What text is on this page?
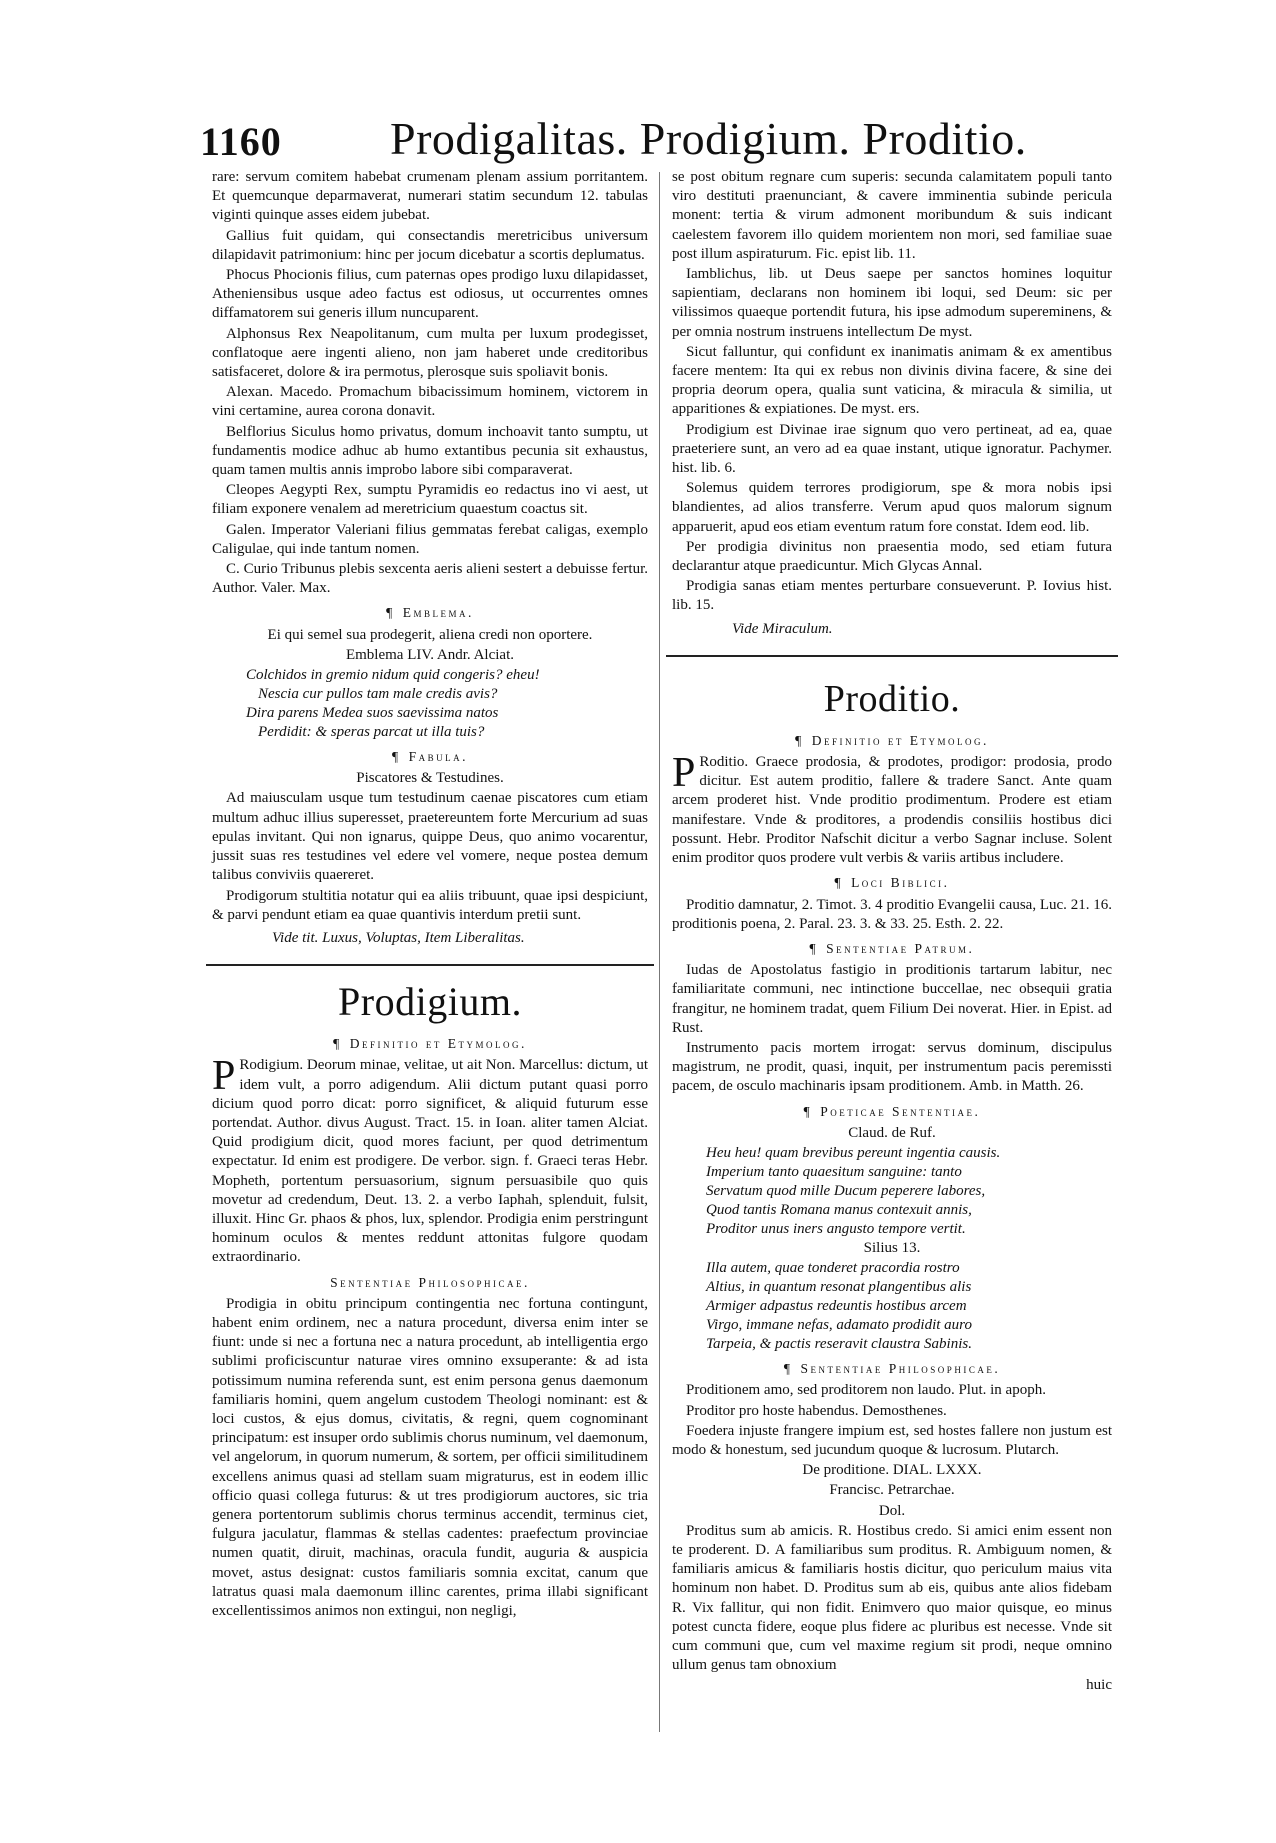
1160 Prodigalitas. Prodigium. Proditio.

rare: servum comitem habebat crumenam plenam assium porritantem. Et quemcunque deparmaverat, numerari statim secundum 12. tabulas viginti quinque asses eidem jubebat.

Gallius fuit quidam, qui consectandis meretricibus universum dilapidavit patrimonium: hinc per jocum dicebatur a scortis deplumatus.

Phocus Phocionis filius, cum paternas opes prodigo luxu dilapidasset, Atheniensibus usque adeo factus est odiosus, ut occurrentes omnes diffamatorem sui generis illum nuncuparent.

Alphonsus Rex Neapolitanum, cum multa per luxum prodegisset, conflatoque aere ingenti alieno, non jam haberet unde creditoribus satisfaceret, dolore & ira permotus, plerosque suis spoliavit bonis.

Alexan. Macedo. Promachum bibacissimum hominem, victorem in vini certamine, aurea corona donavit.

Belflorius Siculus homo privatus, domum inchoavit tanto sumptu, ut fundamentis modice adhuc ab humo extantibus pecunia sit exhaustus, quam tamen multis annis improbo labore sibi comparaverat.

Cleopes Aegypti Rex, sumptu Pyramidis eo redactus ino vi aest, ut filiam exponere venalem ad meretricium quaestum coactus sit.

Galen. Imperator Valeriani filius gemmatas ferebat caligas, exemplo Caligulae, qui inde tantum nomen.

C. Curio Tribunus plebis sexcenta aeris alieni sestert a debuisse fertur. Author. Valer. Max.

¶ Emblema.

Ei qui semel sua prodegerit, aliena credi non oportere.

Emblema LIV. Andr. Alciat.

Colchidos in gremio nidum quid congeris? eheu!

Nescia cur pullos tam male credis avis?

Dira parens Medea suos saevissima natos

Perdidit: & speras parcat ut illa tuis?

¶ Fabula.

Piscatores & Testudines.

Ad maiusculam usque tum testudinum caenae piscatores cum etiam multum adhuc illius superesset, praetereuntem forte Mercurium ad suas epulas invitant. Qui non ignarus, quippe Deus, quo animo vocarentur, jussit suas res testudines vel edere vel vomere, neque postea demum talibus conviviis quaereret.

Prodigorum stultitia notatur qui ea aliis tribuunt, quae ipsi despiciunt, & parvi pendunt etiam ea quae quantivis interdum pretii sunt.

Vide tit. Luxus, Voluptas, Item Liberalitas.

Prodigium.
¶ Definitio et Etymolog.

P Rodigium. Deorum minae, velitae, ut ait Non. Marcellus: dictum, ut idem vult, a porro adigendum. Alii dictum putant quasi porro dicium quod porro dicat: porro significet, & aliquid futurum esse portendat. Author. divus August. Tract. 15. in Ioan. aliter tamen Alciat. Quid prodigium dicit, quod mores faciunt, per quod detrimentum expectatur. Id enim est prodigere. De verbor. sign. f. Graeci teras Hebr. Mopheth, portentum persuasorium, signum persuasibile quo quis movetur ad credendum, Deut. 13. 2. a verbo Iaphah, splenduit, fulsit, illuxit. Hinc Gr. phaos & phos, lux, splendor. Prodigia enim perstringunt hominum oculos & mentes reddunt attonitas fulgore quodam extraordinario.

Sententiae Philosophicae.

Prodigia in obitu principum contingentia nec fortuna contingunt, habent enim ordinem, nec a natura procedunt, diversa enim inter se fiunt: unde si nec a fortuna nec a natura procedunt, ab intelligentia ergo sublimi proficiscuntur naturae vires omnino exsuperante: & ad ista potissimum numina referenda sunt, est enim persona genus daemonum familiaris homini, quem angelum custodem Theologi nominant: est & loci custos, & ejus domus, civitatis, & regni, quem cognominant principatum: est insuper ordo sublimis chorus numinum, vel daemonum, vel angelorum, in quorum numerum, & sortem, per officii similitudinem excellens animus quasi ad stellam suam migraturus, est in eodem illic officio quasi collega futurus: & ut tres prodigiorum auctores, sic tria genera portentorum sublimis chorus terminus accendit, terminus ciet, fulgura jaculatur, flammas & stellas cadentes: praefectum provinciae numen quatit, diruit, machinas, oracula fundit, auguria & auspicia movet, astus designat: custos familiaris somnia excitat, canum que latratus quasi mala daemonum illinc carentes, prima illabi significant excellentissimos animos non extingui, non negligi,

se post obitum regnare cum superis: secunda calamitatem populi tanto viro destituti praenunciant, & cavere imminentia subinde pericula monent: tertia & virum admonent moribundum & suis indicant caelestem favorem illo quidem morientem non mori, sed familiae suae post illum aspiraturum. Fic. epist lib. 11.

Iamblichus, lib. ut Deus saepe per sanctos homines loquitur sapientiam, declarans non hominem ibi loqui, sed Deum: sic per vilissimos quaeque portendit futura, his ipse admodum supereminens, & per omnia nostrum instruens intellectum De myst.

Sicut falluntur, qui confidunt ex inanimatis animam & ex amentibus facere mentem: Ita qui ex rebus non divinis divina facere, & sine dei propria deorum opera, qualia sunt vaticina, & miracula & similia, ut apparitiones & expiationes. De myst. ers.

Prodigium est Divinae irae signum quo vero pertineat, ad ea, quae praeteriere sunt, an vero ad ea quae instant, utique ignoratur. Pachymer. hist. lib. 6.

Solemus quidem terrores prodigiorum, spe & mora nobis ipsi blandientes, ad alios transferre. Verum apud quos malorum signum apparuerit, apud eos etiam eventum ratum fore constat. Idem eod. lib.

Per prodigia divinitus non praesentia modo, sed etiam futura declarantur atque praedicuntur. Mich Glycas Annal.

Prodigia sanas etiam mentes perturbare consueverunt. P. Iovius hist. lib. 15.

Vide Miraculum.

Proditio.
¶ Definitio et Etymolog.

P Roditio. Graece prodosia, & prodotes, prodigor: prodosia, prodo dicitur. Est autem proditio, fallere & tradere Sanct. Ante quam arcem proderet hist. Vnde proditio prodimentum. Prodere est etiam manifestare. Vnde & proditores, a prodendis consiliis hostibus dici possunt. Hebr. Proditor Nafschit dicitur a verbo Sagnar incluse. Solent enim proditor quos prodere vult verbis & variis artibus includere.

¶ Loci Biblici.

Proditio damnatur, 2. Timot. 3. 4 proditio Evangelii causa, Luc. 21. 16. proditionis poena, 2. Paral. 23. 3. & 33. 25. Esth. 2. 22.

¶ Sententiae Patrum.

Iudas de Apostolatus fastigio in proditionis tartarum labitur, nec familiaritate communi, nec intinctione buccellae, nec obsequii gratia frangitur, ne hominem tradat, quem Filium Dei noverat. Hier. in Epist. ad Rust.

Instrumento pacis mortem irrogat: servus dominum, discipulus magistrum, ne prodit, quasi, inquit, per instrumentum pacis peremissti pacem, de osculo machinaris ipsam proditionem. Amb. in Matth. 26.

¶ Poeticae Sententiae.

Claud. de Ruf.

Heu heu! quam brevibus pereunt ingentia causis.

Imperium tanto quaesitum sanguine: tanto

Servatum quod mille Ducum peperere labores,

Quod tantis Romana manus contexuit annis,

Proditor unus iners angusto tempore vertit.

Silius 13.

Illa autem, quae tonderet pracordia rostro

Altius, in quantum resonat plangentibus alis

Armiger adpastus redeuntis hostibus arcem

Virgo, immane nefas, adamato prodidit auro

Tarpeia, & pactis reseravit claustra Sabinis.

¶ Sententiae Philosophicae.

Proditionem amo, sed proditorem non laudo. Plut. in apoph.

Proditor pro hoste habendus. Demosthenes.

Foedera injuste frangere impium est, sed hostes fallere non justum est modo & honestum, sed jucundum quoque & lucrosum. Plutarch.

De proditione. DIAL. LXXX.

Francisc. Petrarchae.

Dol.

Proditus sum ab amicis. R. Hostibus credo. Si amici enim essent non te proderent. D. A familiaribus sum proditus. R. Ambiguum nomen, & familiaris amicus & familiaris hostis dicitur, quo periculum maius vita hominum non habet. D. Proditus sum ab eis, quibus ante alios fidebam R. Vix fallitur, qui non fidit. Enimvero quo maior quisque, eo minus potest cuncta fidere, eoque plus fidere ac pluribus est necesse. Vnde sit cum communi que, cum vel maxime regium sit prodi, neque omnino ullum genus tam obnoxium

huic
